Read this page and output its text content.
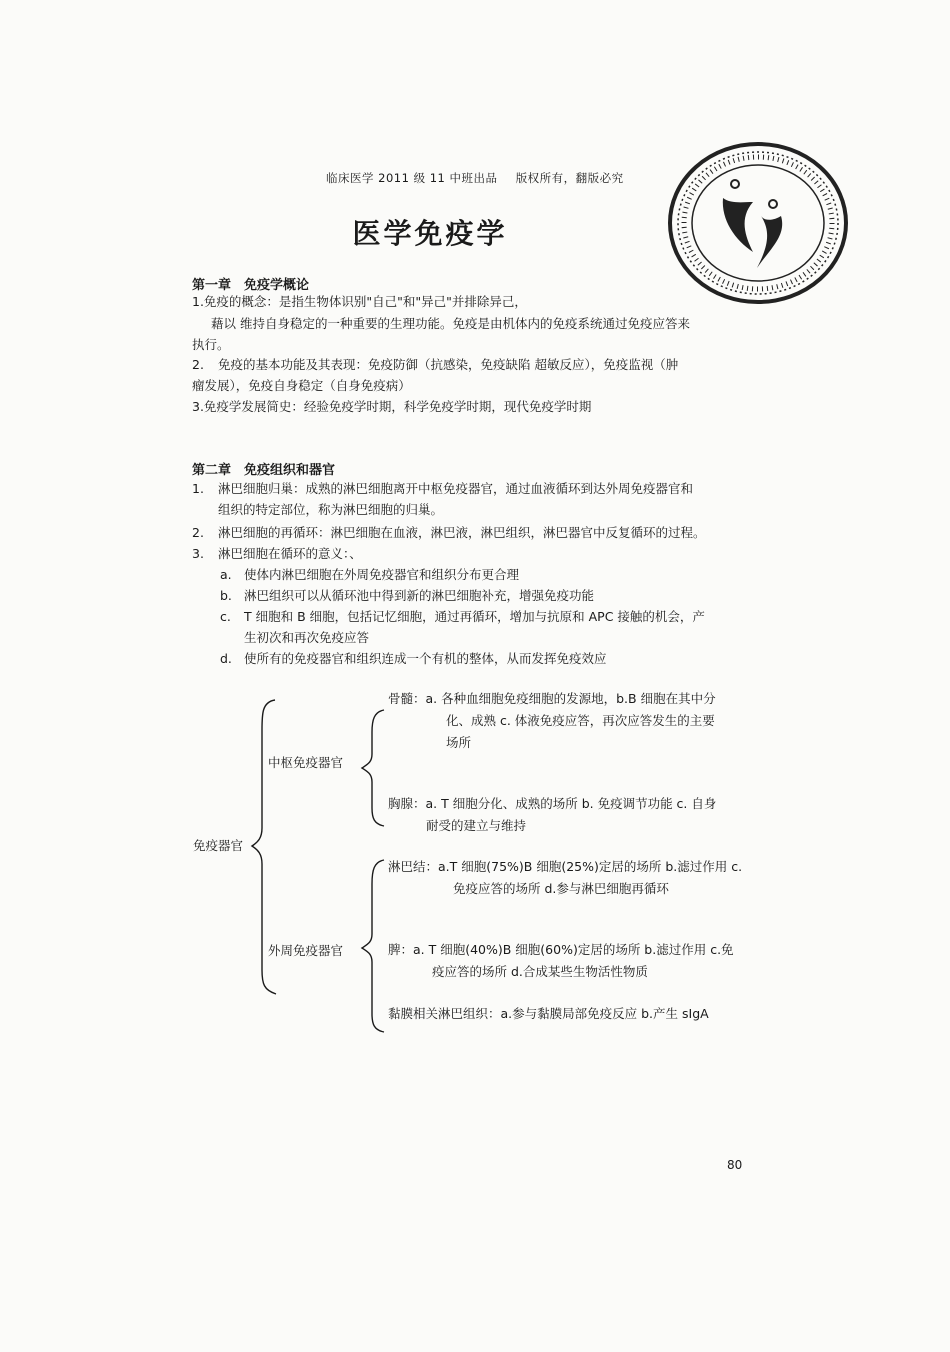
临床医学 2011 级 11 中班出品 版权所有，翻版必究
医学免疫学
第一章　免疫学概论
1.免疫的概念：是指生物体识别"自己"和"异己"并排除异己，
藉以 维持自身稳定的一种重要的生理功能。免疫是由机体内的免疫系统通过免疫应答来
执行。
2. 免疫的基本功能及其表现：免疫防御（抗感染，免疫缺陷 超敏反应），免疫监视（肿
瘤发展），免疫自身稳定（自身免疫病）
3.免疫学发展简史：经验免疫学时期，科学免疫学时期，现代免疫学时期
第二章　免疫组织和器官
1. 淋巴细胞归巢：成熟的淋巴细胞离开中枢免疫器官，通过血液循环到达外周免疫器官和
组织的特定部位，称为淋巴细胞的归巢。
2. 淋巴细胞的再循环：淋巴细胞在血液，淋巴液，淋巴组织，淋巴器官中反复循环的过程。
3. 淋巴细胞在循环的意义：、
a. 使体内淋巴细胞在外周免疫器官和组织分布更合理
b. 淋巴组织可以从循环池中得到新的淋巴细胞补充，增强免疫功能
c. T 细胞和 B 细胞，包括记忆细胞，通过再循环，增加与抗原和 APC 接触的机会，产
生初次和再次免疫应答
d. 使所有的免疫器官和组织连成一个有机的整体，从而发挥免疫效应
免疫器官
中枢免疫器官
外周免疫器官
骨髓：a. 各种血细胞免疫细胞的发源地，b.B 细胞在其中分
化、成熟 c. 体液免疫应答，再次应答发生的主要
场所
胸腺：a. T 细胞分化、成熟的场所 b. 免疫调节功能 c. 自身
耐受的建立与维持
淋巴结：a.T 细胞(75%)B 细胞(25%)定居的场所 b.滤过作用 c.
免疫应答的场所 d.参与淋巴细胞再循环
脾：a. T 细胞(40%)B 细胞(60%)定居的场所 b.滤过作用 c.免
疫应答的场所 d.合成某些生物活性物质
黏膜相关淋巴组织：a.参与黏膜局部免疫反应 b.产生 sIgA
80
